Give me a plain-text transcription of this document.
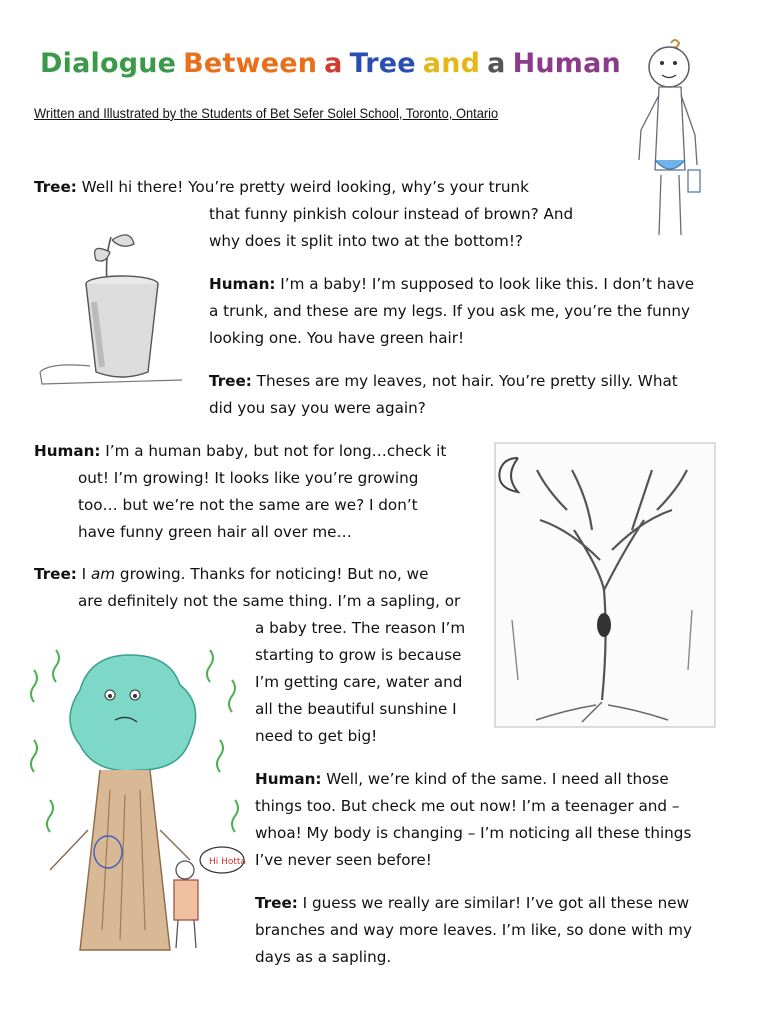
Dialogue Between a Tree and a Human
Written and Illustrated by the Students of Bet Sefer Solel School, Toronto, Ontario
Tree: Well hi there! You’re pretty weird looking, why’s your trunk
that funny pinkish colour instead of brown? And
why does it split into two at the bottom!?
Human: I’m a baby! I’m supposed to look like this. I don’t have
a trunk, and these are my legs. If you ask me, you’re the funny
looking one. You have green hair!
Tree: Theses are my leaves, not hair. You’re pretty silly. What
did you say you were again?
Human: I’m a human baby, but not for long…check it
out! I’m growing! It looks like you’re growing
too… but we’re not the same are we? I don’t
have funny green hair all over me…
Tree: I am growing. Thanks for noticing! But no, we
are definitely not the same thing. I’m a sapling, or
a baby tree. The reason I’m
starting to grow is because
I’m getting care, water and
all the beautiful sunshine I
need to get big!
Human: Well, we’re kind of the same. I need all those
things too. But check me out now! I’m a teenager and –
whoa! My body is changing – I’m noticing all these things
I’ve never seen before!
Tree: I guess we really are similar! I’ve got all these new
branches and way more leaves. I’m like, so done with my
days as a sapling.
Hi Hotta
